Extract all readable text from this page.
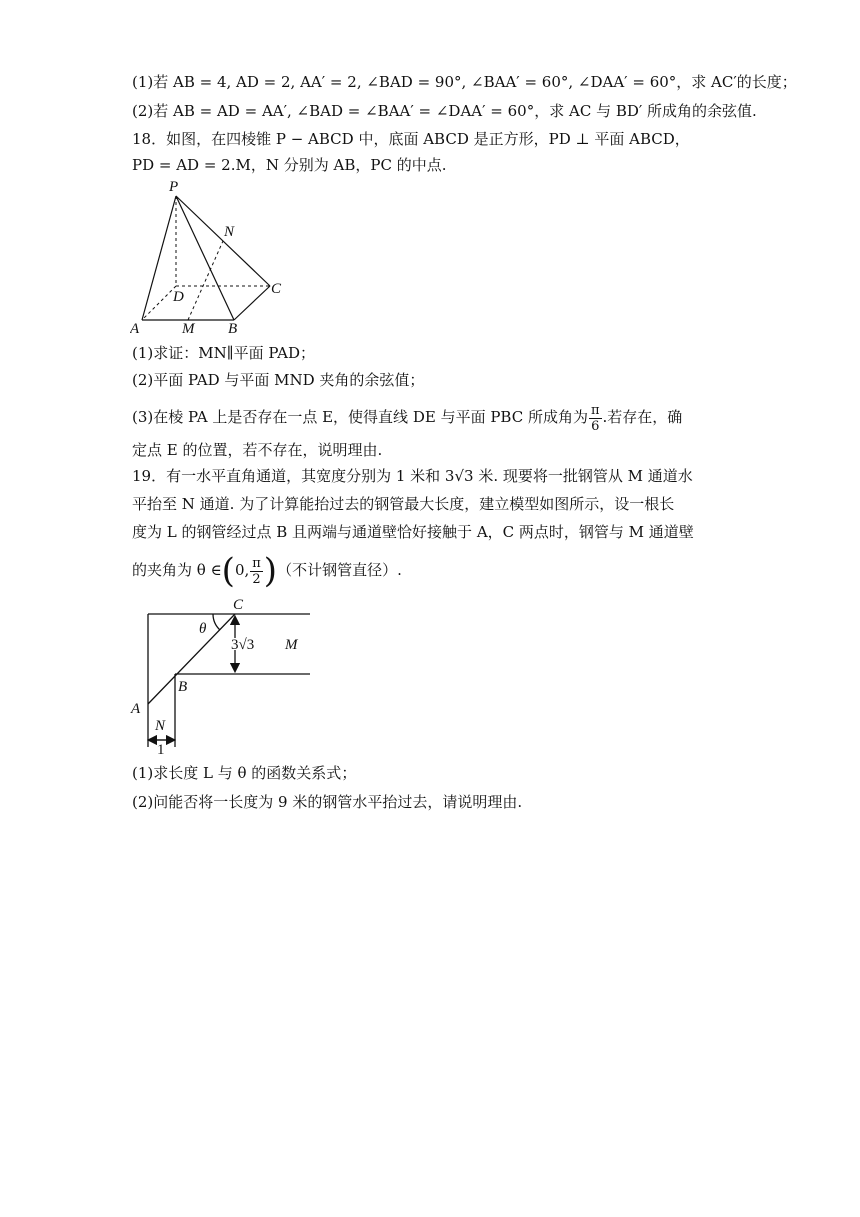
(1)若 AB = 4, AD = 2, AA′ = 2, ∠BAD = 90°, ∠BAA′ = 60°, ∠DAA′ = 60°，求 AC′的长度；
(2)若 AB = AD = AA′, ∠BAD = ∠BAA′ = ∠DAA′ = 60°，求 AC 与 BD′ 所成角的余弦值.
18．如图，在四棱锥 P − ABCD 中，底面 ABCD 是正方形，PD ⊥ 平面 ABCD，
PD = AD = 2.M，N 分别为 AB，PC 的中点.
P
N
D	C
A	M B
(1)求证：MN∥平面 PAD；
(2)平面 PAD 与平面 MND 夹角的余弦值；
(3)在棱 PA 上是否存在一点 E，使得直线 DE 与平面 PBC 所成角为 $\frac{\pi}{6}$ .若存在，确
定点 E 的位置，若不存在，说明理由.
19．有一水平直角通道，其宽度分别为 1 米和 3√3 米. 现要将一批钢管从 M 通道水
平抬至 N 通道. 为了计算能抬过去的钢管最大长度，建立模型如图所示，设一根长
度为 L 的钢管经过点 B 且两端与通道壁恰好接触于 A，C 两点时，钢管与 M 通道壁
的夹角为 θ ∈(0, $\frac{\pi}{2}$ )（不计钢管直径）.
C
θ
3√3 M
B
A
N
1
(1)求长度 L 与 θ 的函数关系式；
(2)问能否将一长度为 9 米的钢管水平抬过去，请说明理由.
